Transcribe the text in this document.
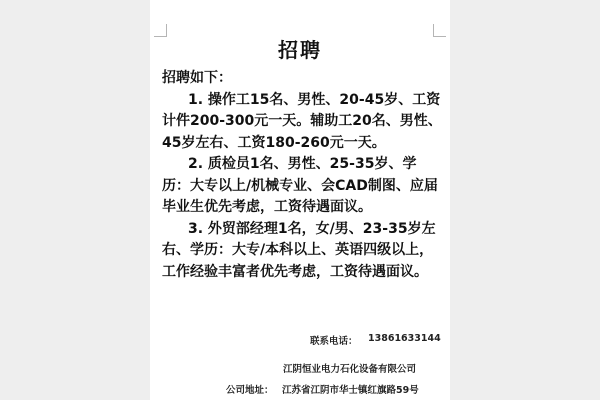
招聘

招聘如下：

1. 操作工15名、男性、20-45岁、工资计件200-300元一天。辅助工20名、男性、45岁左右、工资180-260元一天。

2. 质检员1名、男性、25-35岁、学历：大专以上/机械专业、会CAD制图、应届毕业生优先考虑，工资待遇面议。

3. 外贸部经理1名，女/男、23-35岁左右、学历：大专/本科以上、英语四级以上，工作经验丰富者优先考虑，工资待遇面议。

联系电话： 13861633144
江阴恒业电力石化设备有限公司
公司地址： 江苏省江阴市华士镇红旗路59号
